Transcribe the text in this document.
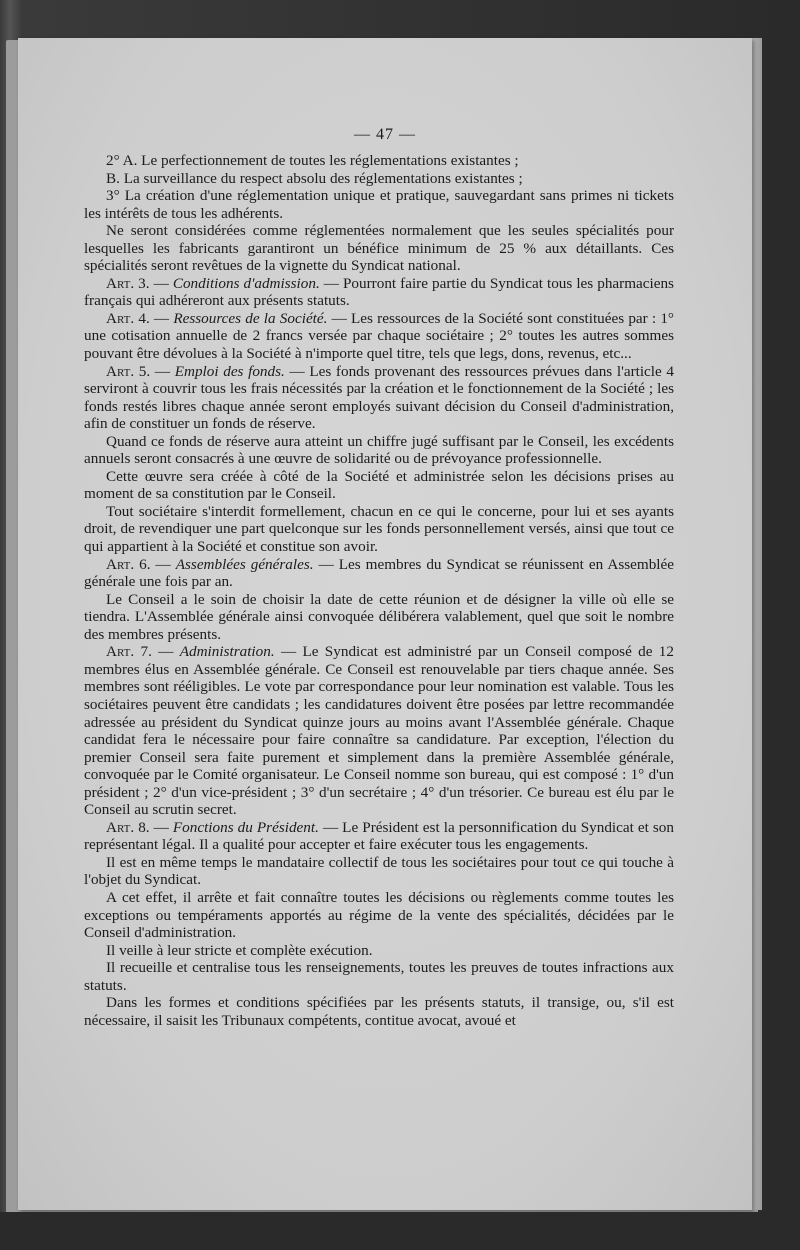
— 47 —

2° A. Le perfectionnement de toutes les réglementations existantes ;

B. La surveillance du respect absolu des réglementations existantes ;

3° La création d'une réglementation unique et pratique, sauvegardant sans primes ni tickets les intérêts de tous les adhérents.

Ne seront considérées comme réglementées normalement que les seules spécialités pour lesquelles les fabricants garantiront un bénéfice minimum de 25 % aux détaillants. Ces spécialités seront revêtues de la vignette du Syndicat national.

Art. 3. — Conditions d'admission. — Pourront faire partie du Syndicat tous les pharmaciens français qui adhéreront aux présents statuts.

Art. 4. — Ressources de la Société. — Les ressources de la Société sont constituées par : 1° une cotisation annuelle de 2 francs versée par chaque sociétaire ; 2° toutes les autres sommes pouvant être dévolues à la Société à n'importe quel titre, tels que legs, dons, revenus, etc...

Art. 5. — Emploi des fonds. — Les fonds provenant des ressources prévues dans l'article 4 serviront à couvrir tous les frais nécessités par la création et le fonctionnement de la Société ; les fonds restés libres chaque année seront employés suivant décision du Conseil d'administration, afin de constituer un fonds de réserve.

Quand ce fonds de réserve aura atteint un chiffre jugé suffisant par le Conseil, les excédents annuels seront consacrés à une œuvre de solidarité ou de prévoyance professionnelle.

Cette œuvre sera créée à côté de la Société et administrée selon les décisions prises au moment de sa constitution par le Conseil.

Tout sociétaire s'interdit formellement, chacun en ce qui le concerne, pour lui et ses ayants droit, de revendiquer une part quelconque sur les fonds personnellement versés, ainsi que tout ce qui appartient à la Société et constitue son avoir.

Art. 6. — Assemblées générales. — Les membres du Syndicat se réunissent en Assemblée générale une fois par an.

Le Conseil a le soin de choisir la date de cette réunion et de désigner la ville où elle se tiendra. L'Assemblée générale ainsi convoquée délibérera valablement, quel que soit le nombre des membres présents.

Art. 7. — Administration. — Le Syndicat est administré par un Conseil composé de 12 membres élus en Assemblée générale. Ce Conseil est renouvelable par tiers chaque année. Ses membres sont rééligibles. Le vote par correspondance pour leur nomination est valable. Tous les sociétaires peuvent être candidats ; les candidatures doivent être posées par lettre recommandée adressée au président du Syndicat quinze jours au moins avant l'Assemblée générale. Chaque candidat fera le nécessaire pour faire connaître sa candidature. Par exception, l'élection du premier Conseil sera faite purement et simplement dans la première Assemblée générale, convoquée par le Comité organisateur. Le Conseil nomme son bureau, qui est composé : 1° d'un président ; 2° d'un vice-président ; 3° d'un secrétaire ; 4° d'un trésorier. Ce bureau est élu par le Conseil au scrutin secret.

Art. 8. — Fonctions du Président. — Le Président est la personnification du Syndicat et son représentant légal. Il a qualité pour accepter et faire exécuter tous les engagements.

Il est en même temps le mandataire collectif de tous les sociétaires pour tout ce qui touche à l'objet du Syndicat.

A cet effet, il arrête et fait connaître toutes les décisions ou règlements comme toutes les exceptions ou tempéraments apportés au régime de la vente des spécialités, décidées par le Conseil d'administration.

Il veille à leur stricte et complète exécution.

Il recueille et centralise tous les renseignements, toutes les preuves de toutes infractions aux statuts.

Dans les formes et conditions spécifiées par les présents statuts, il transige, ou, s'il est nécessaire, il saisit les Tribunaux compétents, contitue avocat, avoué et
